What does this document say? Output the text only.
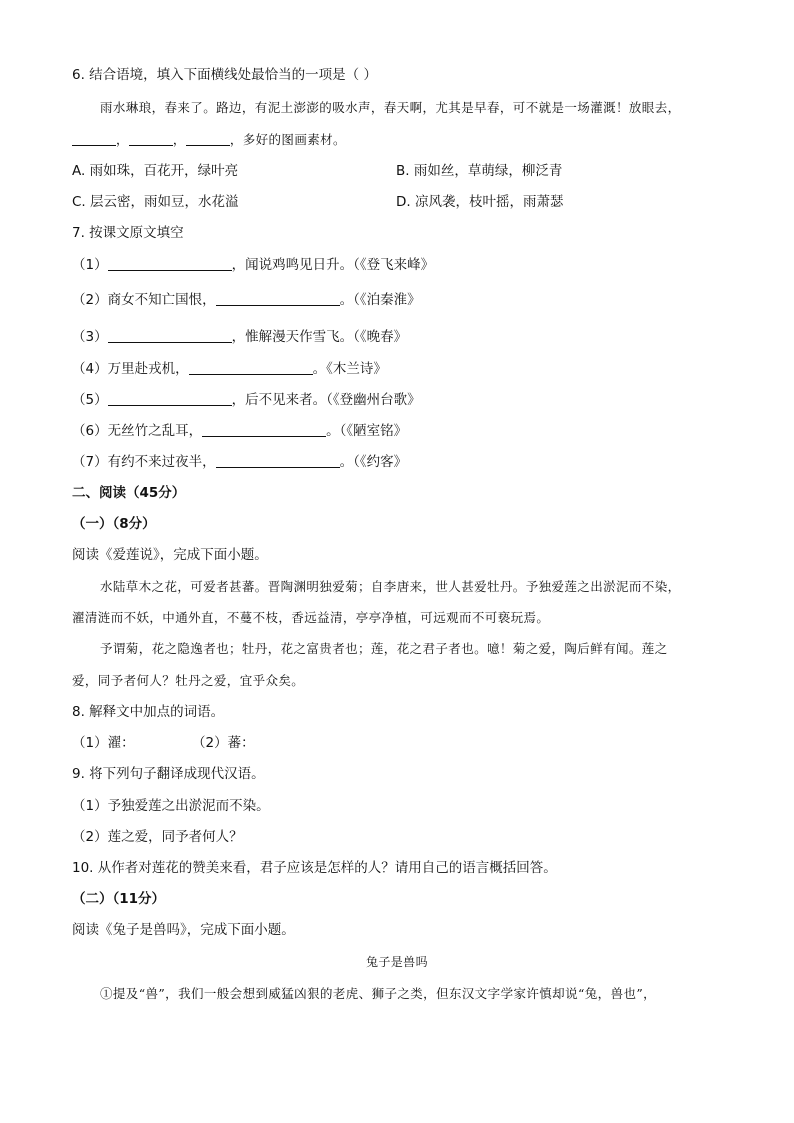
6. 结合语境，填入下面横线处最恰当的一项是（ ）
雨水琳琅，春来了。路边，有泥土澎澎的吸水声，春天啊，尤其是早春，可不就是一场灌溉！放眼去，
，	，	，多好的图画素材。
A. 雨如珠，百花开，绿叶亮	B. 雨如丝，草萌绿，柳泛青
C. 层云密，雨如豆，水花溢	D. 凉风袭，枝叶摇，雨萧瑟
7. 按课文原文填空
（1）	，闻说鸡鸣见日升。（《登飞来峰》
（2）商女不知亡国恨，	。（《泊秦淮》
（3）	，惟解漫天作雪飞。（《晚春》
（4）万里赴戎机，	。《木兰诗》
（5）	，后不见来者。（《登幽州台歌》
（6）无丝竹之乱耳，	。（《陋室铭》
（7）有约不来过夜半，	。（《约客》
二、阅读（45分）
（一）（8分）
阅读《爱莲说》，完成下面小题。
水陆草木之花，可爱者甚蕃。晋陶渊明独爱菊；自李唐来，世人甚爱牡丹。予独爱莲之出淤泥而不染，
濯清涟而不妖，中通外直，不蔓不枝，香远益清，亭亭净植，可远观而不可亵玩焉。
予谓菊，花之隐逸者也；牡丹，花之富贵者也；莲，花之君子者也。噫！菊之爱，陶后鲜有闻。莲之
爱，同予者何人？牡丹之爱，宜乎众矣。
8. 解释文中加点的词语。
（1）濯：	（2）蕃：
9. 将下列句子翻译成现代汉语。
（1）予独爱莲之出淤泥而不染。
（2）莲之爱，同予者何人？
10. 从作者对莲花的赞美来看，君子应该是怎样的人？请用自己的语言概括回答。
（二）（11分）
阅读《兔子是兽吗》，完成下面小题。
兔子是兽吗
①提及“兽”，我们一般会想到威猛凶狠的老虎、狮子之类，但东汉文字学家许慎却说“兔，兽也”，
